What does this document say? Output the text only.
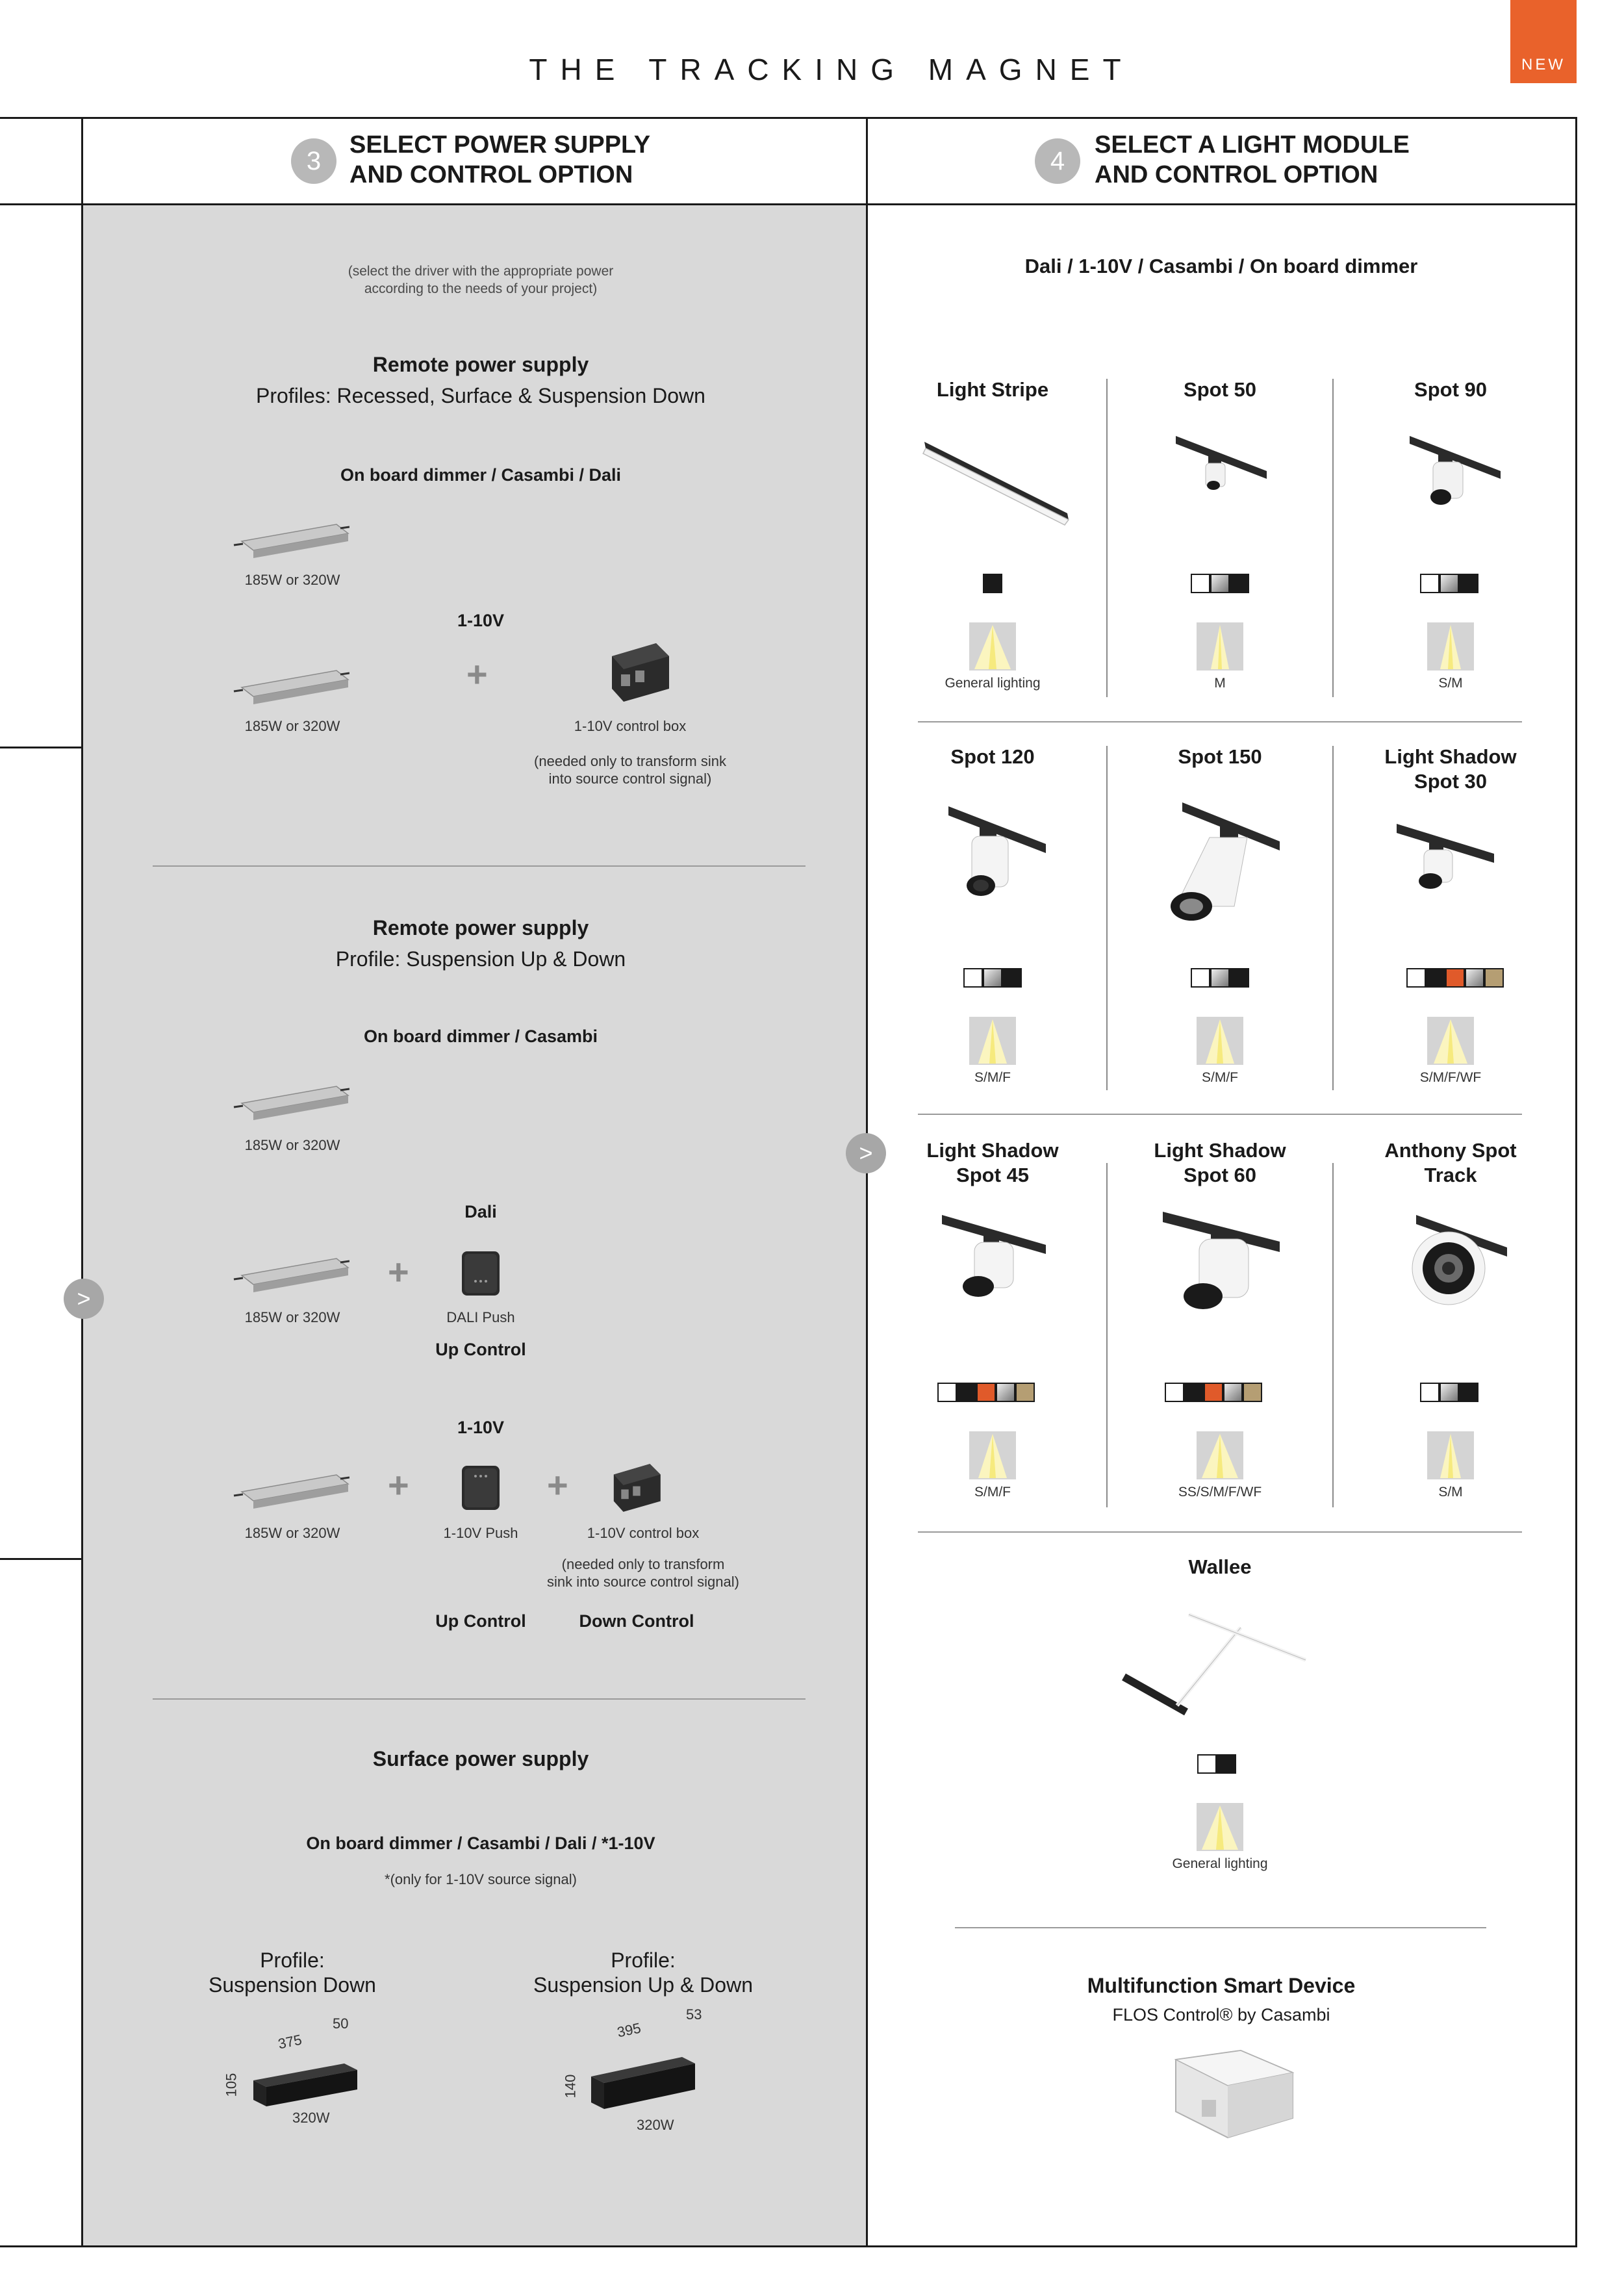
THE TRACKING MAGNET	NEW
>
>
3
SELECT POWER SUPPLY
AND CONTROL OPTION	4
SELECT A LIGHT MODULE
AND CONTROL OPTION
(select the driver with the appropriate power
according to the needs of your project)
Remote power supply
Profiles: Recessed, Surface & Suspension Down
On board dimmer / Casambi / Dali
185W or 320W
1-10V
+
185W or 320W	1-10V control box
(needed only to transform sink
into source control signal)
Remote power supply
Profile: Suspension Up & Down
On board dimmer / Casambi
185W or 320W
Dali
+
185W or 320W	DALI Push
Up Control
1-10V
+	+
185W or 320W	1-10V Push	1-10V control box
(needed only to transform
sink into source control signal)
Up Control	Down Control
Surface power supply
On board dimmer / Casambi / Dali / *1-10V
*(only for 1-10V source signal)
Profile:
Suspension Down
Profile:
Suspension Up & Down
375
50
105
320W
395
53
140
320W
Dali / 1-10V / Casambi / On board dimmer
Light Stripe
General lighting
Spot 50
M
Spot 90
S/M
Spot 120
S/M/F
Spot 150
S/M/F
Light Shadow
Spot 30
S/M/F/WF
Light Shadow
Spot 45
S/M/F
Light Shadow
Spot 60
SS/S/M/F/WF
Anthony Spot
Track
S/M
Wallee
General lighting
Multifunction Smart Device
FLOS Control® by Casambi
